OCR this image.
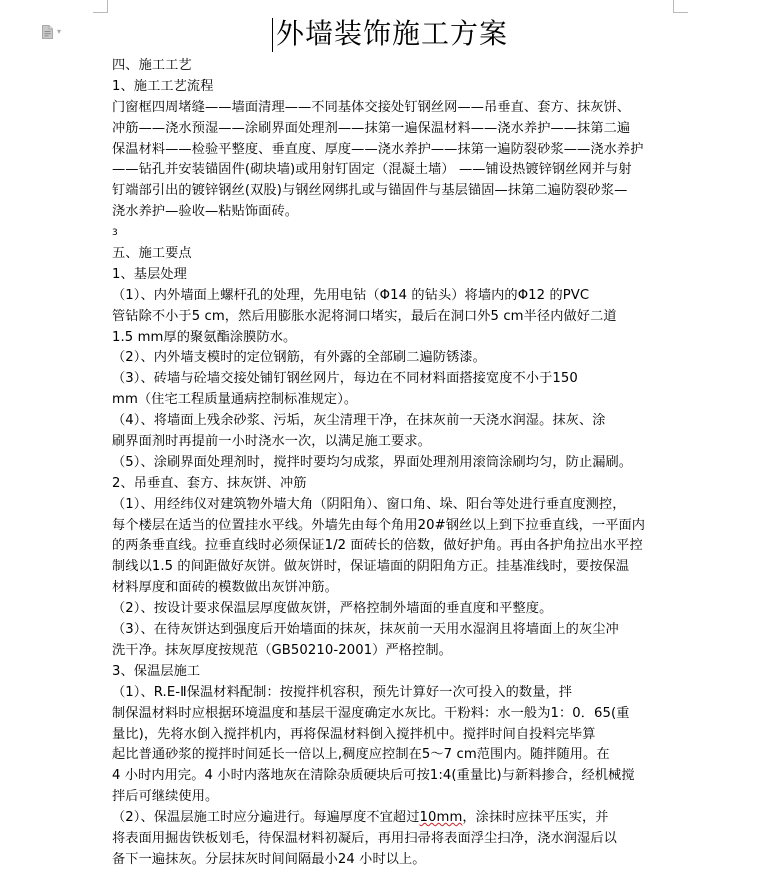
▾	外墙装饰施工方案
四、施工工艺
1、施工工艺流程
门窗框四周堵缝——墙面清理——不同基体交接处钉钢丝网——吊垂直、套方、抹灰饼、
冲筋——浇水预湿——涂刷界面处理剂——抹第一遍保温材料——浇水养护——抹第二遍
保温材料——检验平整度、垂直度、厚度——浇水养护——抹第一遍防裂砂浆——浇水养护
——钻孔并安装锚固件(砌块墙)或用射钉固定（混凝土墙） ——铺设热镀锌钢丝网并与射
钉端部引出的镀锌钢丝(双股)与钢丝网绑扎或与锚固件与基层锚固—抹第二遍防裂砂浆—
浇水养护—验收—粘贴饰面砖。
3
五、施工要点
1、基层处理
（1）、内外墙面上螺杆孔的处理，先用电钻（Φ14 的钻头）将墙内的Φ12 的PVC
管钻除不小于5 cm，然后用膨胀水泥将洞口堵实，最后在洞口外5 cm半径内做好二道
1.5 mm厚的聚氨酯涂膜防水。
（2）、内外墙支模时的定位钢筋，有外露的全部刷二遍防锈漆。
（3）、砖墙与砼墙交接处铺钉钢丝网片，每边在不同材料面搭接宽度不小于150
mm（住宅工程质量通病控制标准规定）。
（4）、将墙面上残余砂浆、污垢，灰尘清理干净，在抹灰前一天浇水润湿。抹灰、涂
刷界面剂时再提前一小时浇水一次，以满足施工要求。
（5）、涂刷界面处理剂时，搅拌时要均匀成浆，界面处理剂用滚筒涂刷均匀，防止漏刷。
2、吊垂直、套方、抹灰饼、冲筋
（1）、用经纬仪对建筑物外墙大角（阴阳角）、窗口角、垛、阳台等处进行垂直度测控，
每个楼层在适当的位置挂水平线。外墙先由每个角用20#钢丝以上到下拉垂直线，一平面内
的两条垂直线。拉垂直线时必须保证1/2 面砖长的倍数，做好护角。再由各护角拉出水平控
制线以1.5 的间距做好灰饼。做灰饼时，保证墙面的阴阳角方正。挂基准线时，要按保温
材料厚度和面砖的模数做出灰饼冲筋。
（2）、按设计要求保温层厚度做灰饼，严格控制外墙面的垂直度和平整度。
（3）、在待灰饼达到强度后开始墙面的抹灰，抹灰前一天用水湿润且将墙面上的灰尘冲
洗干净。抹灰厚度按规范（GB50210-2001）严格控制。
3、保温层施工
（1）、R.E-Ⅱ保温材料配制：按搅拌机容积，预先计算好一次可投入的数量，拌
制保温材料时应根据环境温度和基层干湿度确定水灰比。干粉料：水一般为1：0．65(重
量比)，先将水倒入搅拌机内，再将保温材料倒入搅拌机中。搅拌时间自投料完毕算
起比普通砂浆的搅拌时间延长一倍以上,稠度应控制在5～7 cm范围内。随拌随用。在
4 小时内用完。4 小时内落地灰在清除杂质硬块后可按1:4(重量比)与新料掺合，经机械搅
拌后可继续使用。
（2）、保温层施工时应分遍进行。每遍厚度不宜超过10mm，涂抹时应抹平压实，并
将表面用掘齿铁板划毛，待保温材料初凝后，再用扫帚将表面浮尘扫净，浇水润湿后以
备下一遍抹灰。分层抹灰时间间隔最小24 小时以上。
